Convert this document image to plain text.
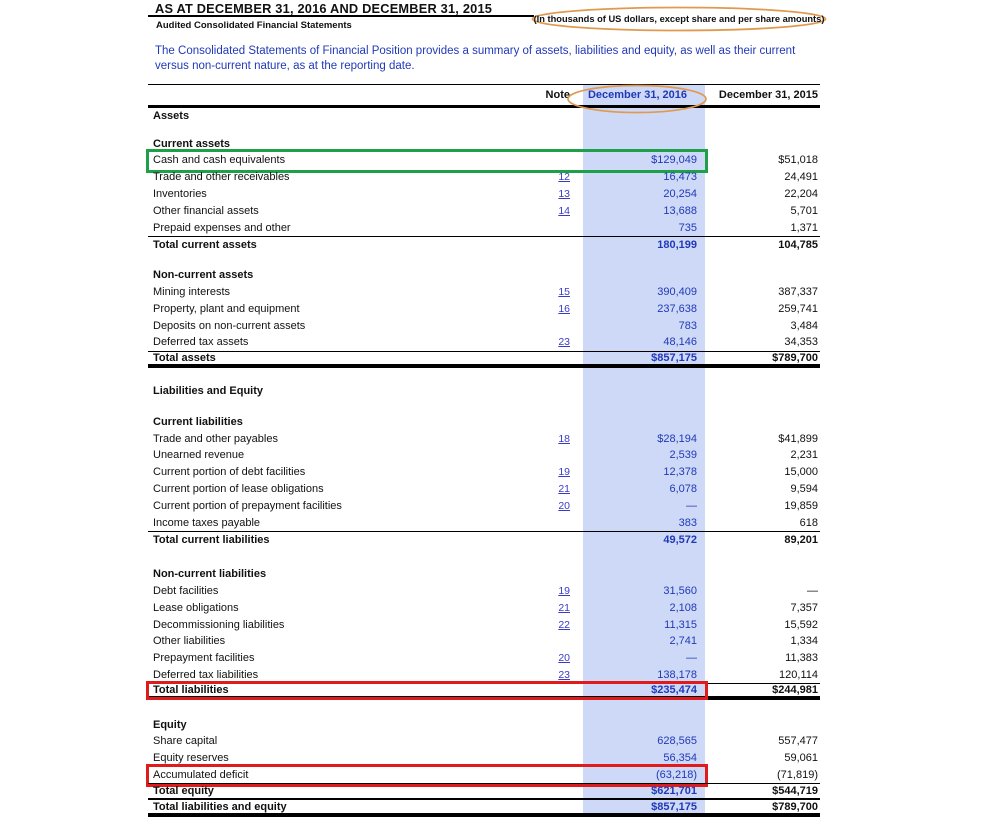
AS AT DECEMBER 31, 2016 AND DECEMBER 31, 2015
Audited Consolidated Financial Statements
(In thousands of US dollars, except share and per share amounts)

The Consolidated Statements of Financial Position provides a summary of assets, liabilities and equity, as well as their current versus non-current nature, as at the reporting date.

Note	December 31, 2016	December 31, 2015
Assets
Current assets
Cash and cash equivalents	$129,049	$51,018
Trade and other receivables	12	16,473	24,491
Inventories	13	20,254	22,204
Other financial assets	14	13,688	5,701
Prepaid expenses and other	735	1,371
Total current assets	180,199	104,785
Non-current assets
Mining interests	15	390,409	387,337
Property, plant and equipment	16	237,638	259,741
Deposits on non-current assets	783	3,484
Deferred tax assets	23	48,146	34,353
Total assets	$857,175	$789,700
Liabilities and Equity
Current liabilities
Trade and other payables	18	$28,194	$41,899
Unearned revenue	2,539	2,231
Current portion of debt facilities	19	12,378	15,000
Current portion of lease obligations	21	6,078	9,594
Current portion of prepayment facilities	20	—	19,859
Income taxes payable	383	618
Total current liabilities	49,572	89,201
Non-current liabilities
Debt facilities	19	31,560	—
Lease obligations	21	2,108	7,357
Decommissioning liabilities	22	11,315	15,592
Other liabilities	2,741	1,334
Prepayment facilities	20	—	11,383
Deferred tax liabilities	23	138,178	120,114
Total liabilities	$235,474	$244,981
Equity
Share capital	628,565	557,477
Equity reserves	56,354	59,061
Accumulated deficit	(63,218)	(71,819)
Total equity	$621,701	$544,719
Total liabilities and equity	$857,175	$789,700
